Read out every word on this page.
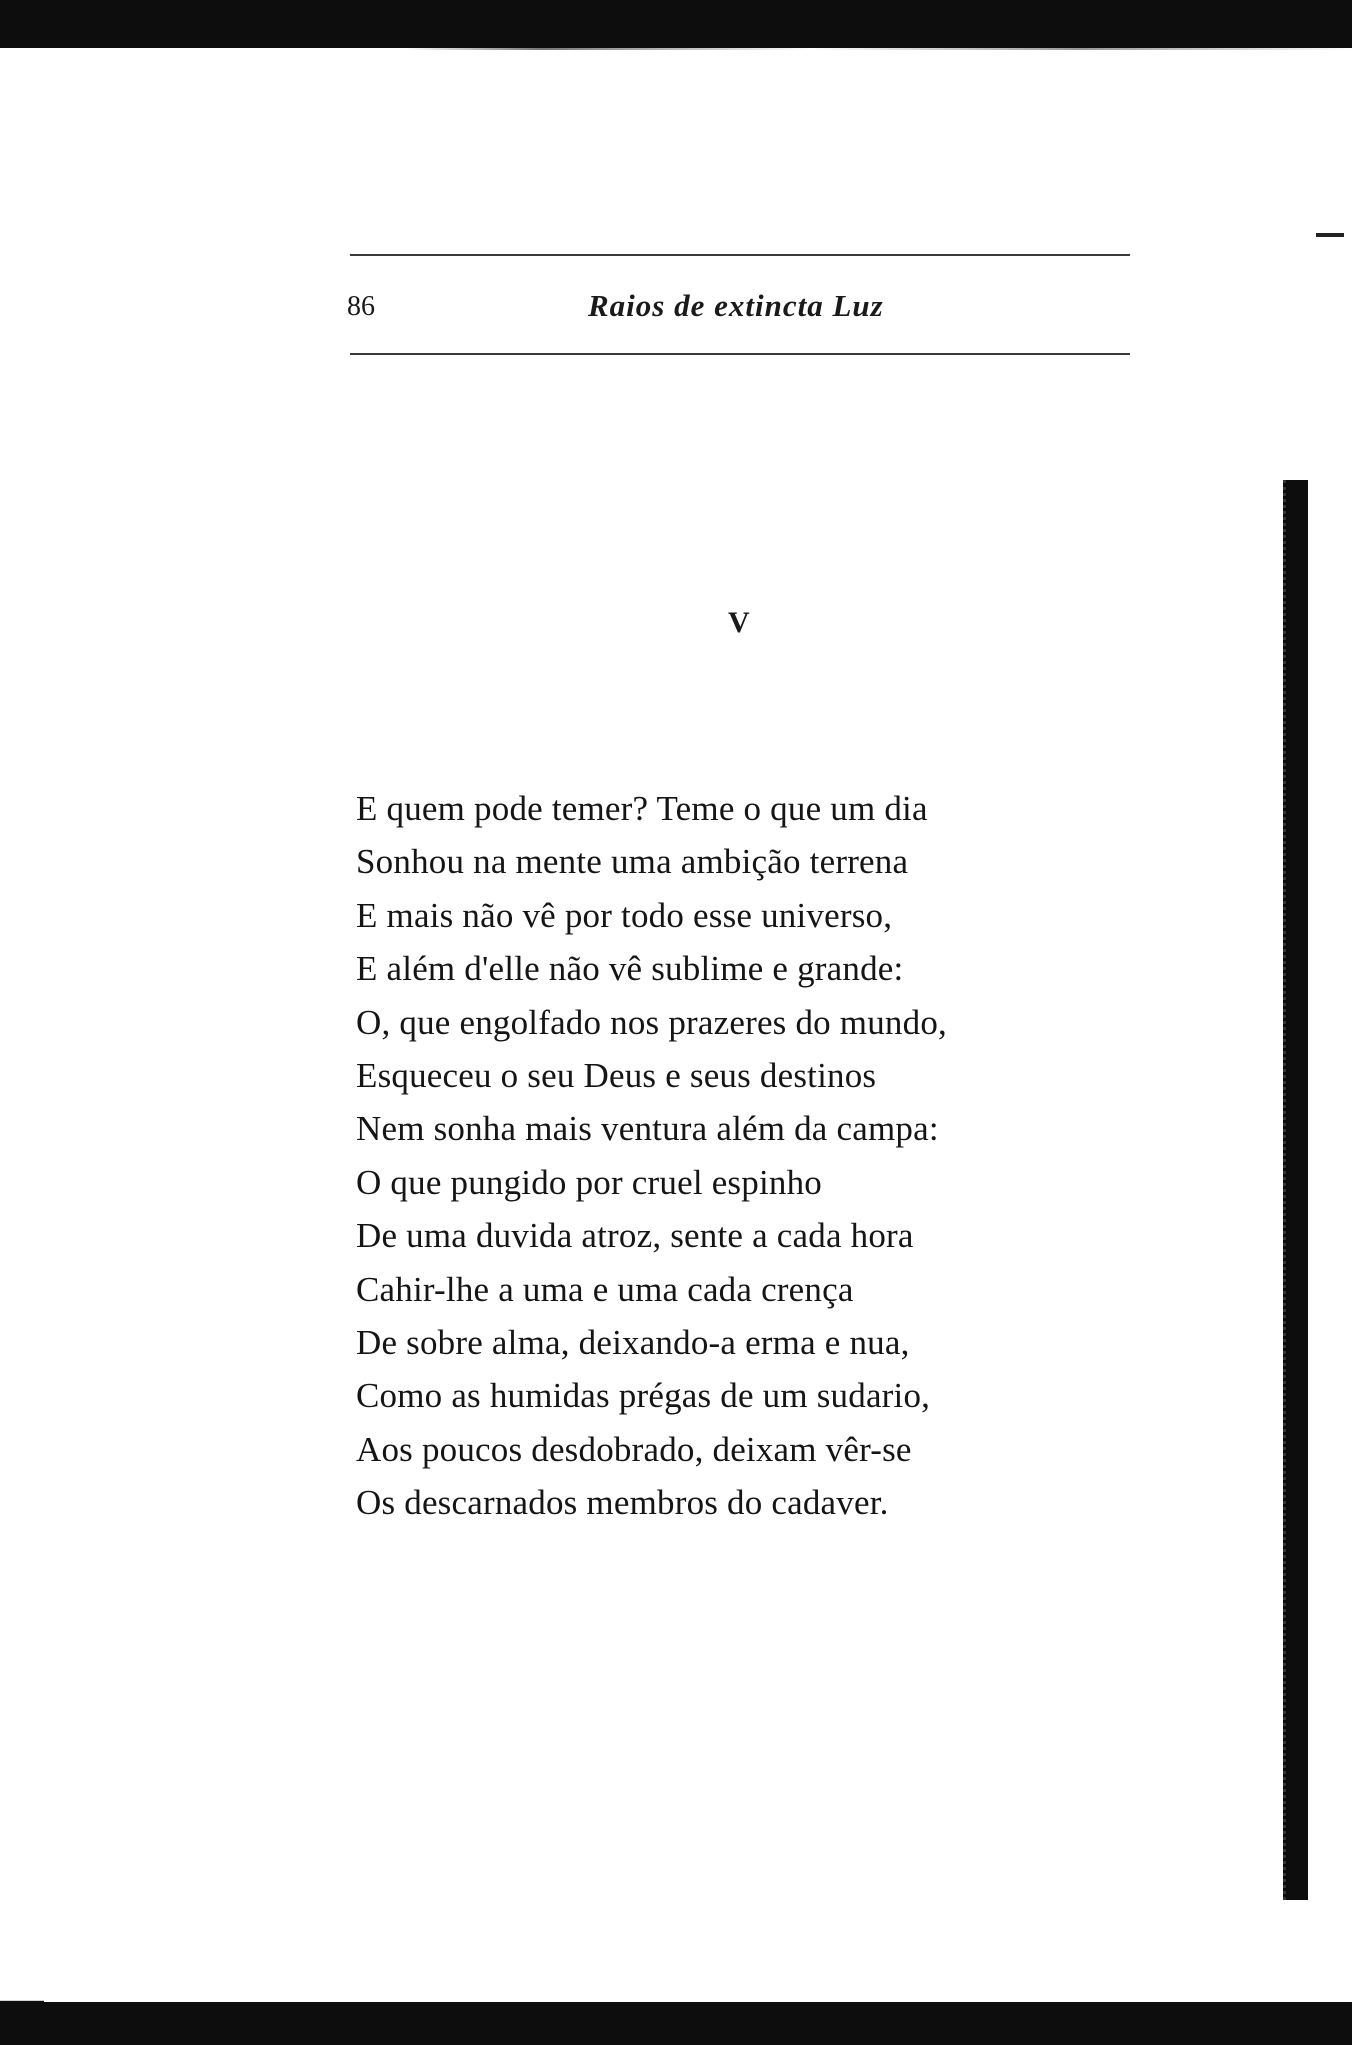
86	Raios de extincta Luz
V
E quem pode temer? Teme o que um dia
Sonhou na mente uma ambição terrena
E mais não vê por todo esse universo,
E além d'elle não vê sublime e grande:
O, que engolfado nos prazeres do mundo,
Esqueceu o seu Deus e seus destinos
Nem sonha mais ventura além da campa:
O que pungido por cruel espinho
De uma duvida atroz, sente a cada hora
Cahir-lhe a uma e uma cada crença
De sobre alma, deixando-a erma e nua,
Como as humidas prégas de um sudario,
Aos poucos desdobrado, deixam vêr-se
Os descarnados membros do cadaver.
